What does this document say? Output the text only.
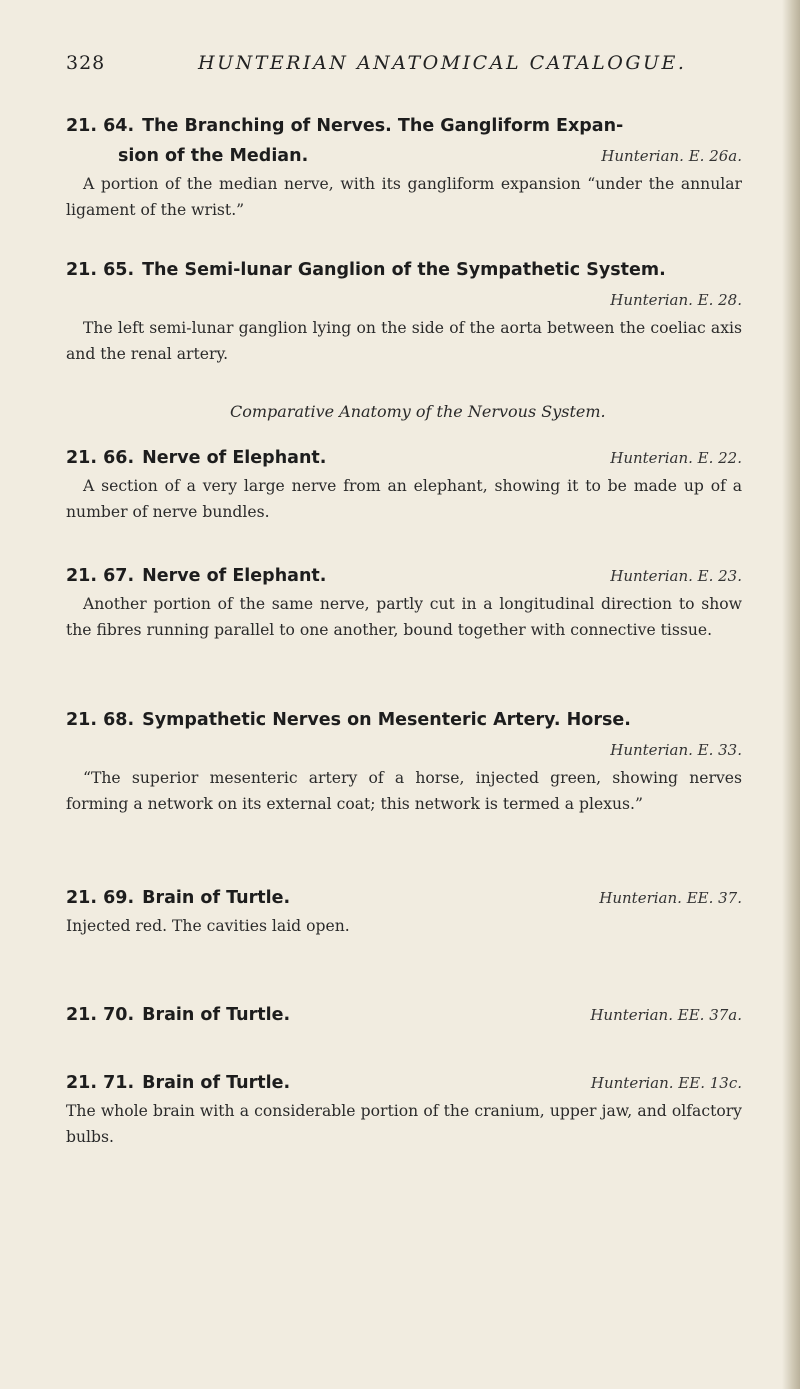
328	HUNTERIAN ANATOMICAL CATALOGUE.
21. 64. The Branching of Nerves. The Gangliform Expan-
sion of the Median.	Hunterian. E. 26a.
A portion of the median nerve, with its gangliform expansion “under the annular ligament of the wrist.”
21. 65. The Semi-lunar Ganglion of the Sympathetic System.
Hunterian. E. 28.
The left semi-lunar ganglion lying on the side of the aorta between the coeliac axis and the renal artery.
Comparative Anatomy of the Nervous System.
21. 66. Nerve of Elephant.	Hunterian. E. 22.
A section of a very large nerve from an elephant, showing it to be made up of a number of nerve bundles.
21. 67. Nerve of Elephant.	Hunterian. E. 23.
Another portion of the same nerve, partly cut in a longitudinal direction to show the fibres running parallel to one another, bound together with connective tissue.
21. 68. Sympathetic Nerves on Mesenteric Artery. Horse.
Hunterian. E. 33.
“The superior mesenteric artery of a horse, injected green, showing nerves forming a network on its external coat; this network is termed a plexus.”
21. 69. Brain of Turtle.	Hunterian. EE. 37.
Injected red. The cavities laid open.
21. 70. Brain of Turtle.	Hunterian. EE. 37a.
21. 71. Brain of Turtle.	Hunterian. EE. 13c.
The whole brain with a considerable portion of the cranium, upper jaw, and olfactory bulbs.
